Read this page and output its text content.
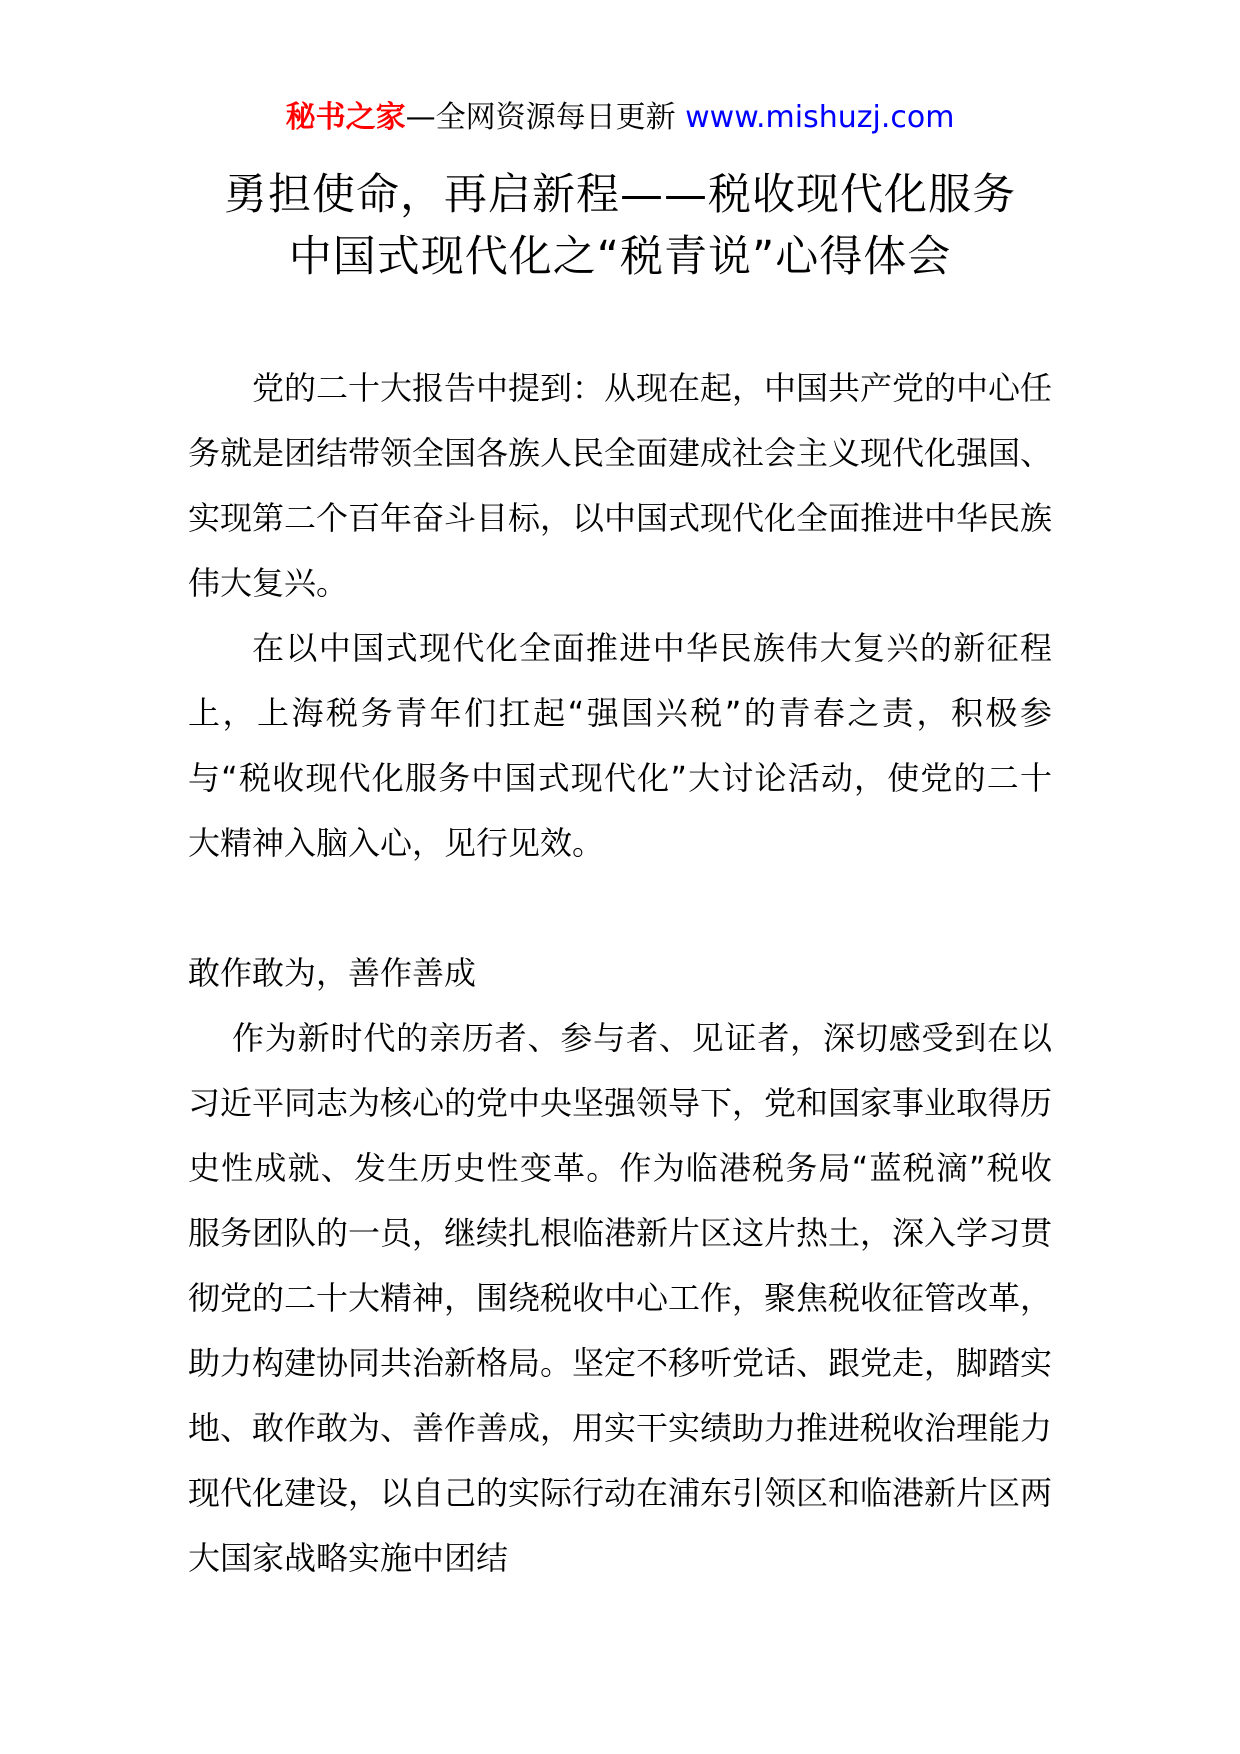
秘书之家—全网资源每日更新 www.mishuzj.com
勇担使命，再启新程——税收现代化服务
中国式现代化之“税青说”心得体会

党的二十大报告中提到：从现在起，中国共产党的中心任务就是团结带领全国各族人民全面建成社会主义现代化强国、实现第二个百年奋斗目标，以中国式现代化全面推进中华民族伟大复兴。

在以中国式现代化全面推进中华民族伟大复兴的新征程上，上海税务青年们扛起“强国兴税”的青春之责，积极参与“税收现代化服务中国式现代化”大讨论活动，使党的二十大精神入脑入心，见行见效。

敢作敢为，善作善成

作为新时代的亲历者、参与者、见证者，深切感受到在以习近平同志为核心的党中央坚强领导下，党和国家事业取得历史性成就、发生历史性变革。作为临港税务局“蓝税滴”税收服务团队的一员，继续扎根临港新片区这片热土，深入学习贯彻党的二十大精神，围绕税收中心工作，聚焦税收征管改革，助力构建协同共治新格局。坚定不移听党话、跟党走，脚踏实地、敢作敢为、善作善成，用实干实绩助力推进税收治理能力现代化建设，以自己的实际行动在浦东引领区和临港新片区两大国家战略实施中团结
